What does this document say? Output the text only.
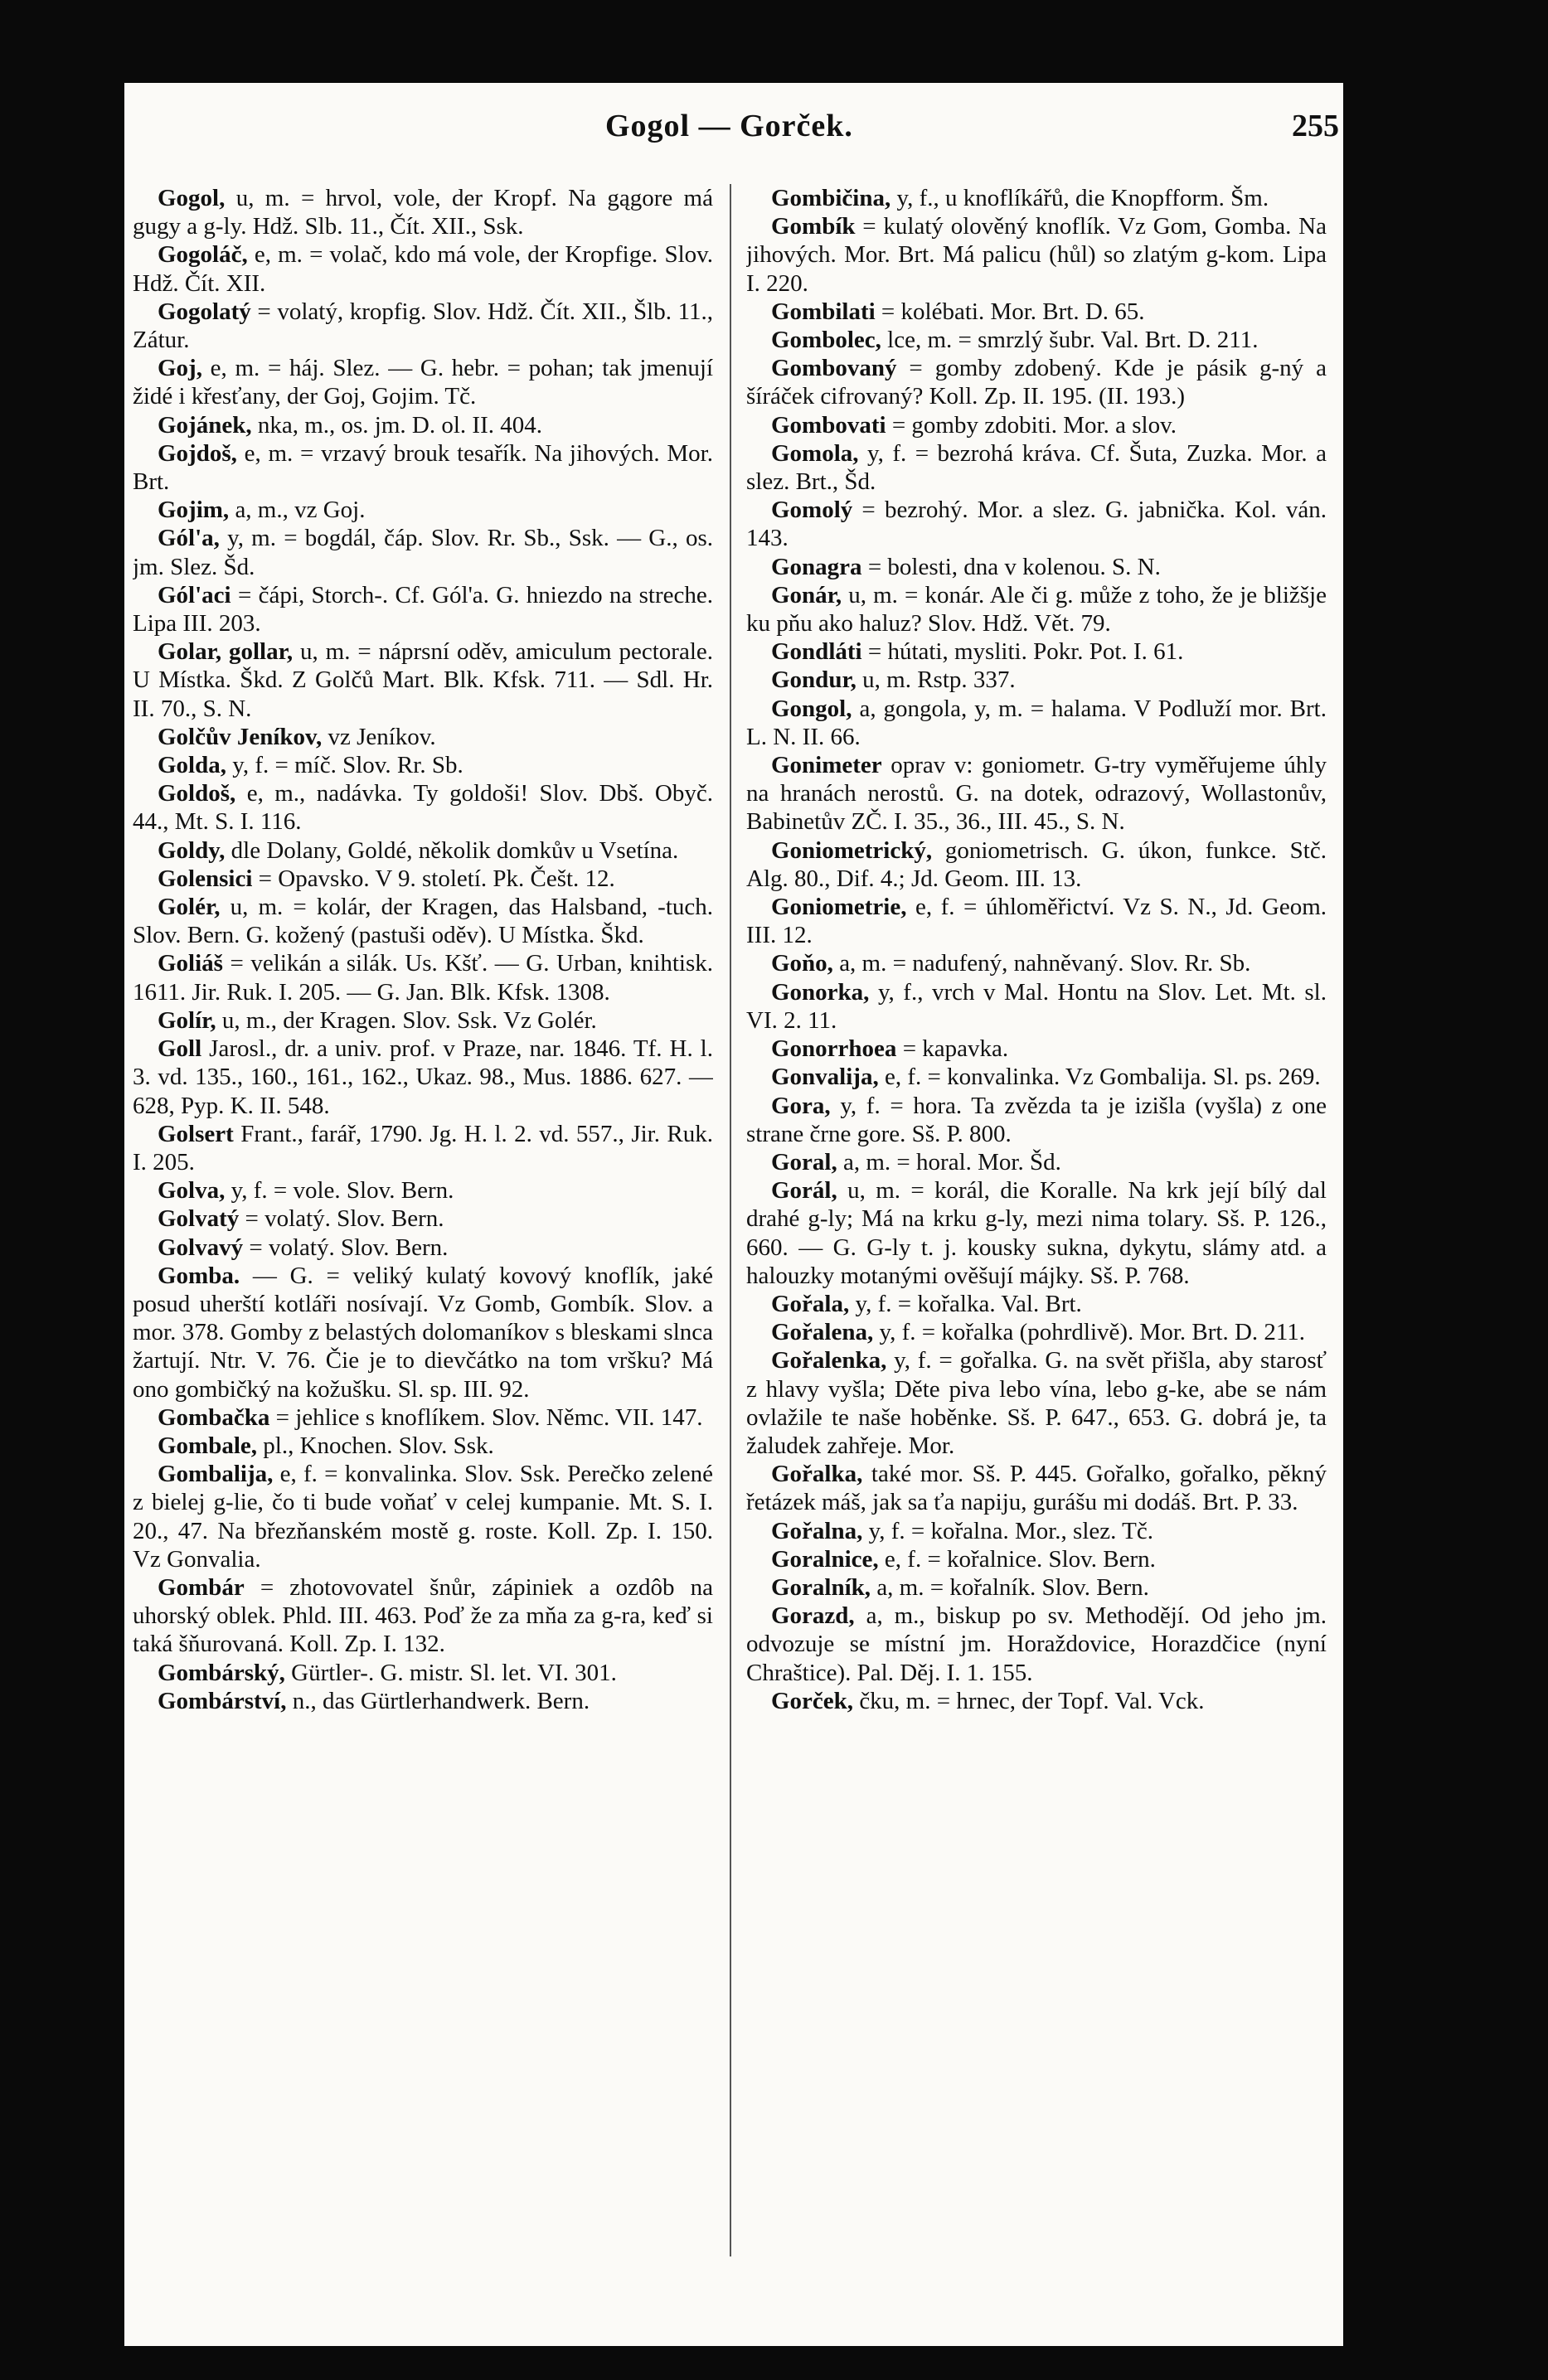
Gogol — Gorček.	255

Gogol, u, m. = hrvol, vole, der Kropf. Na gągore má gugy a g-ly. Hdž. Slb. 11., Čít. XII., Ssk.

Gogoláč, e, m. = volač, kdo má vole, der Kropfige. Slov. Hdž. Čít. XII.

Gogolatý = volatý, kropfig. Slov. Hdž. Čít. XII., Šlb. 11., Zátur.

Goj, e, m. = háj. Slez. — G. hebr. = pohan; tak jmenují židé i křesťany, der Goj, Gojim. Tč.

Gojánek, nka, m., os. jm. D. ol. II. 404.

Gojdoš, e, m. = vrzavý brouk tesařík. Na jihových. Mor. Brt.

Gojim, a, m., vz Goj.

Gól'a, y, m. = bogdál, čáp. Slov. Rr. Sb., Ssk. — G., os. jm. Slez. Šd.

Gól'aci = čápi, Storch-. Cf. Gól'a. G. hniezdo na streche. Lipa III. 203.

Golar, gollar, u, m. = náprsní oděv, amiculum pectorale. U Místka. Škd. Z Golčů Mart. Blk. Kfsk. 711. — Sdl. Hr. II. 70., S. N.

Golčův Jeníkov, vz Jeníkov.

Golda, y, f. = míč. Slov. Rr. Sb.

Goldoš, e, m., nadávka. Ty goldoši! Slov. Dbš. Obyč. 44., Mt. S. I. 116.

Goldy, dle Dolany, Goldé, několik domkův u Vsetína.

Golensici = Opavsko. V 9. století. Pk. Češt. 12.

Golér, u, m. = kolár, der Kragen, das Halsband, -tuch. Slov. Bern. G. kožený (pastuši oděv). U Místka. Škd.

Goliáš = velikán a silák. Us. Kšť. — G. Urban, knihtisk. 1611. Jir. Ruk. I. 205. — G. Jan. Blk. Kfsk. 1308.

Golír, u, m., der Kragen. Slov. Ssk. Vz Golér.

Goll Jarosl., dr. a univ. prof. v Praze, nar. 1846. Tf. H. l. 3. vd. 135., 160., 161., 162., Ukaz. 98., Mus. 1886. 627. — 628, Pyp. K. II. 548.

Golsert Frant., farář, 1790. Jg. H. l. 2. vd. 557., Jir. Ruk. I. 205.

Golva, y, f. = vole. Slov. Bern.

Golvatý = volatý. Slov. Bern.

Golvavý = volatý. Slov. Bern.

Gomba. — G. = veliký kulatý kovový knoflík, jaké posud uherští kotláři nosívají. Vz Gomb, Gombík. Slov. a mor. 378. Gomby z belastých dolomaníkov s bleskami slnca žartují. Ntr. V. 76. Čie je to dievčátko na tom vršku? Má ono gombičký na kožušku. Sl. sp. III. 92.

Gombačka = jehlice s knoflíkem. Slov. Němc. VII. 147.

Gombale, pl., Knochen. Slov. Ssk.

Gombalija, e, f. = konvalinka. Slov. Ssk. Perečko zelené z bielej g-lie, čo ti bude voňať v celej kumpanie. Mt. S. I. 20., 47. Na březňanském mostě g. roste. Koll. Zp. I. 150. Vz Gonvalia.

Gombár = zhotovovatel šnůr, zápiniek a ozdôb na uhorský oblek. Phld. III. 463. Poď že za mňa za g-ra, keď si taká šňurovaná. Koll. Zp. I. 132.

Gombárský, Gürtler-. G. mistr. Sl. let. VI. 301.

Gombárství, n., das Gürtlerhandwerk. Bern.

Gombičina, y, f., u knoflíkářů, die Knopfform. Šm.

Gombík = kulatý olověný knoflík. Vz Gom, Gomba. Na jihových. Mor. Brt. Má palicu (hůl) so zlatým g-kom. Lipa I. 220.

Gombilati = kolébati. Mor. Brt. D. 65.

Gombolec, lce, m. = smrzlý šubr. Val. Brt. D. 211.

Gombovaný = gomby zdobený. Kde je pásik g-ný a šíráček cifrovaný? Koll. Zp. II. 195. (II. 193.)

Gombovati = gomby zdobiti. Mor. a slov.

Gomola, y, f. = bezrohá kráva. Cf. Šuta, Zuzka. Mor. a slez. Brt., Šd.

Gomolý = bezrohý. Mor. a slez. G. jabnička. Kol. ván. 143.

Gonagra = bolesti, dna v kolenou. S. N.

Gonár, u, m. = konár. Ale či g. může z toho, že je bližšje ku pňu ako haluz? Slov. Hdž. Vět. 79.

Gondláti = hútati, mysliti. Pokr. Pot. I. 61.

Gondur, u, m. Rstp. 337.

Gongol, a, gongola, y, m. = halama. V Podluží mor. Brt. L. N. II. 66.

Gonimeter oprav v: goniometr. G-try vyměřujeme úhly na hranách nerostů. G. na dotek, odrazový, Wollastonův, Babinetův ZČ. I. 35., 36., III. 45., S. N.

Goniometrický, goniometrisch. G. úkon, funkce. Stč. Alg. 80., Dif. 4.; Jd. Geom. III. 13.

Goniometrie, e, f. = úhloměřictví. Vz S. N., Jd. Geom. III. 12.

Goňo, a, m. = nadufený, nahněvaný. Slov. Rr. Sb.

Gonorka, y, f., vrch v Mal. Hontu na Slov. Let. Mt. sl. VI. 2. 11.

Gonorrhoea = kapavka.

Gonvalija, e, f. = konvalinka. Vz Gombalija. Sl. ps. 269.

Gora, y, f. = hora. Ta zvězda ta je izišla (vyšla) z one strane črne gore. Sš. P. 800.

Goral, a, m. = horal. Mor. Šd.

Gorál, u, m. = korál, die Koralle. Na krk její bílý dal drahé g-ly; Má na krku g-ly, mezi nima tolary. Sš. P. 126., 660. — G. G-ly t. j. kousky sukna, dykytu, slámy atd. a halouzky motanými ověšují májky. Sš. P. 768.

Gořala, y, f. = kořalka. Val. Brt.

Gořalena, y, f. = kořalka (pohrdlivě). Mor. Brt. D. 211.

Gořalenka, y, f. = gořalka. G. na svět přišla, aby starosť z hlavy vyšla; Děte piva lebo vína, lebo g-ke, abe se nám ovlažile te naše hoběnke. Sš. P. 647., 653. G. dobrá je, ta žaludek zahřeje. Mor.

Gořalka, také mor. Sš. P. 445. Gořalko, gořalko, pěkný řetázek máš, jak sa ťa napiju, gurášu mi dodáš. Brt. P. 33.

Gořalna, y, f. = kořalna. Mor., slez. Tč.

Goralnice, e, f. = kořalnice. Slov. Bern.

Goralník, a, m. = kořalník. Slov. Bern.

Gorazd, a, m., biskup po sv. Methodějí. Od jeho jm. odvozuje se místní jm. Horaždovice, Horazdčice (nyní Chraštice). Pal. Děj. I. 1. 155.

Gorček, čku, m. = hrnec, der Topf. Val. Vck.
